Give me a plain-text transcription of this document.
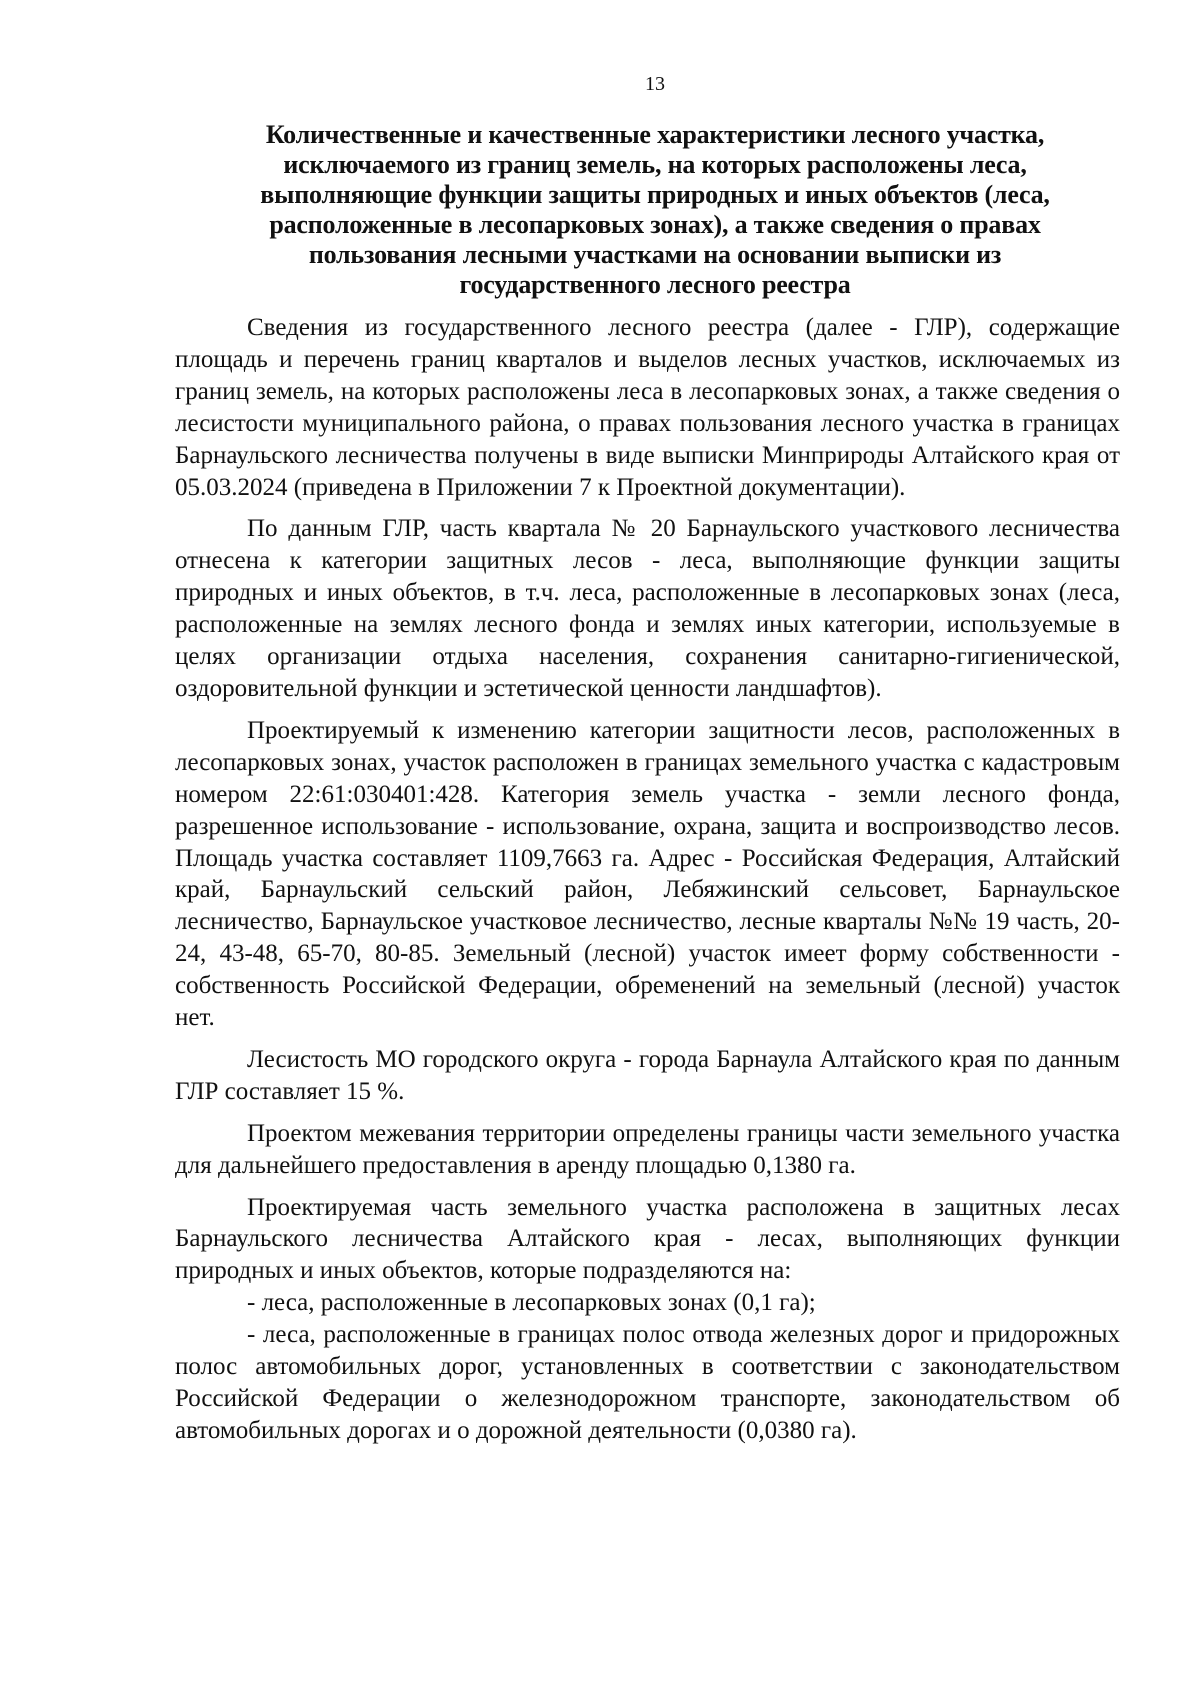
13
Количественные и качественные характеристики лесного участка,
исключаемого из границ земель, на которых расположены леса,
выполняющие функции защиты природных и иных объектов (леса,
расположенные в лесопарковых зонах), а также сведения о правах
пользования лесными участками на основании выписки из
государственного лесного реестра

Сведения из государственного лесного реестра (далее - ГЛР), содержащие площадь и перечень границ кварталов и выделов лесных участков, исключаемых из границ земель, на которых расположены леса в лесопарковых зонах, а также сведения о лесистости муниципального района, о правах пользования лесного участка в границах Барнаульского лесничества получены в виде выписки Минприроды Алтайского края от 05.03.2024 (приведена в Приложении 7 к Проектной документации).

По данным ГЛР, часть квартала № 20 Барнаульского участкового лесничества отнесена к категории защитных лесов - леса, выполняющие функции защиты природных и иных объектов, в т.ч. леса, расположенные в лесопарковых зонах (леса, расположенные на землях лесного фонда и землях иных категории, используемые в целях организации отдыха населения, сохранения санитарно-гигиенической, оздоровительной функции и эстетической ценности ландшафтов).

Проектируемый к изменению категории защитности лесов, расположенных в лесопарковых зонах, участок расположен в границах земельного участка с кадастровым номером 22:61:030401:428. Категория земель участка - земли лесного фонда, разрешенное использование - использование, охрана, защита и воспроизводство лесов. Площадь участка составляет 1109,7663 га. Адрес - Российская Федерация, Алтайский край, Барнаульский сельский район, Лебяжинский сельсовет, Барнаульское лесничество, Барнаульское участковое лесничество, лесные кварталы №№ 19 часть, 20-24, 43-48, 65-70, 80-85. Земельный (лесной) участок имеет форму собственности - собственность Российской Федерации, обременений на земельный (лесной) участок нет.

Лесистость МО городского округа - города Барнаула Алтайского края по данным ГЛР составляет 15 %.

Проектом межевания территории определены границы части земельного участка для дальнейшего предоставления в аренду площадью 0,1380 га.

Проектируемая часть земельного участка расположена в защитных лесах Барнаульского лесничества Алтайского края - лесах, выполняющих функции природных и иных объектов, которые подразделяются на:

- леса, расположенные в лесопарковых зонах (0,1 га);

- леса, расположенные в границах полос отвода железных дорог и придорожных полос автомобильных дорог, установленных в соответствии с законодательством Российской Федерации о железнодорожном транспорте, законодательством об автомобильных дорогах и о дорожной деятельности (0,0380 га).
